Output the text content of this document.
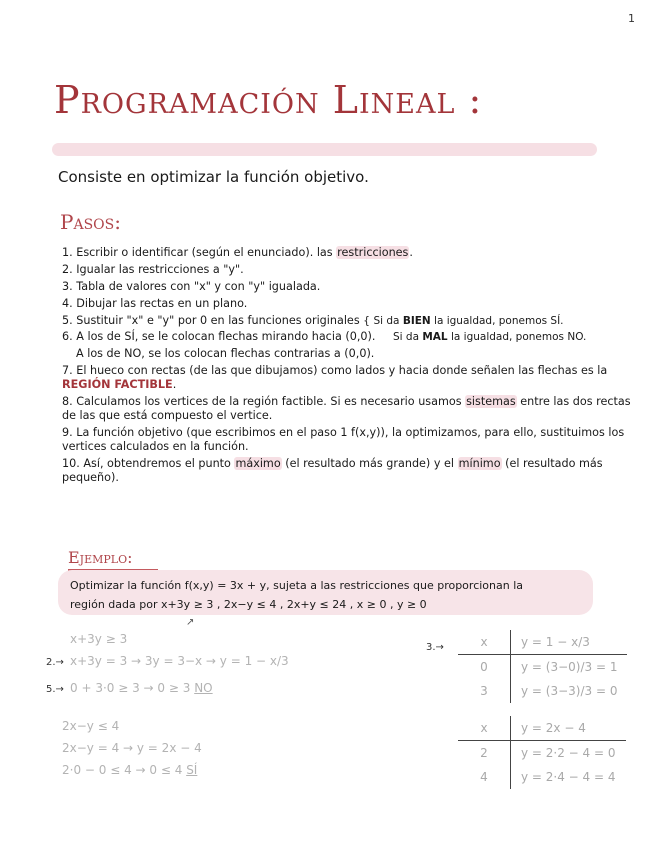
1
Programación Lineal :
Consiste en optimizar la función objetivo.
Pasos:
1. Escribir o identificar (según el enunciado). las restricciones.
2. Igualar las restricciones a "y".
3. Tabla de valores con "x" y con "y" igualada.
4. Dibujar las rectas en un plano.
5. Sustituir "x" e "y" por 0 en las funciones originales { Si da BIEN la igualdad, ponemos SÍ.
6. A los de SÍ, se le colocan flechas mirando hacia (0,0). Si da MAL la igualdad, ponemos NO.
A los de NO, se los colocan flechas contrarias a (0,0).
7. El hueco con rectas (de las que dibujamos) como lados y hacia donde señalen las flechas es la REGIÓN FACTIBLE.
8. Calculamos los vertices de la región factible. Si es necesario usamos sistemas entre las dos rectas de las que está compuesto el vertice.
9. La función objetivo (que escribimos en el paso 1 f(x,y)), la optimizamos, para ello, sustituimos los vertices calculados en la función.
10. Así, obtendremos el punto máximo (el resultado más grande) y el mínimo (el resultado más pequeño).
Ejemplo:
Optimizar la función f(x,y) = 3x + y, sujeta a las restricciones que proporcionan la
región dada por x+3y ≥ 3 , 2x−y ≤ 4 , 2x+y ≤ 24 , x ≥ 0 , y ≥ 0
↗
x+3y ≥ 3
2.→ x+3y = 3 → 3y = 3−x → y = 1 − x/3
5.→ 0 + 3·0 ≥ 3 → 0 ≥ 3 NO
2x−y ≤ 4
2x−y = 4 → y = 2x − 4
2·0 − 0 ≤ 4 → 0 ≤ 4 SÍ
3.→	x	y = 1 − x/3
0	y = (3−0)/3 = 1
3	y = (3−3)/3 = 0
x	y = 2x − 4
2	y = 2·2 − 4 = 0
4	y = 2·4 − 4 = 4
